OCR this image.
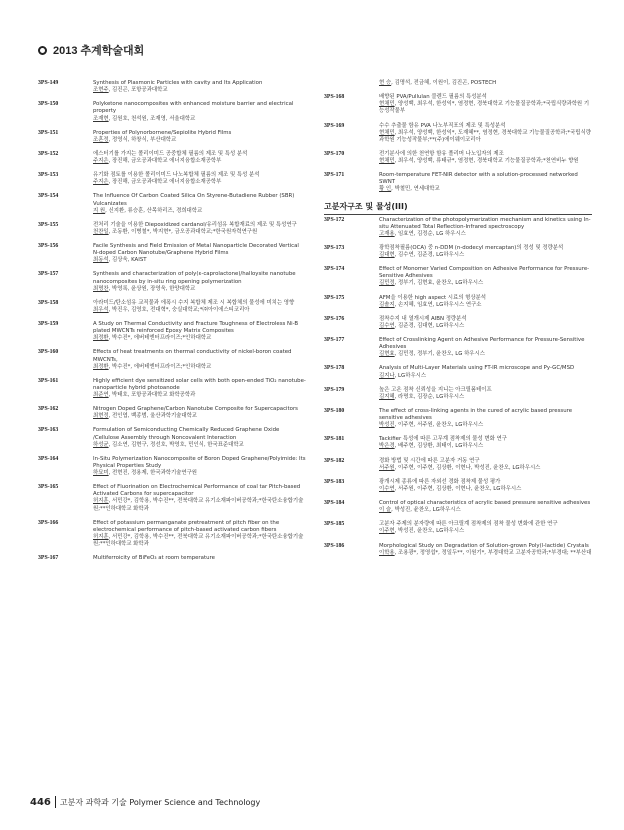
2013 추계학술대회
3PS-149	Synthesis of Plasmonic Particles with cavity and Its Application
조현주, 김진곤, 포항공과대학교
3PS-150	Polyketone nanocomposites with enhanced moisture barrier and electrical property
조재현, 김원호, 천석원, 조재영, 서울대학교
3PS-151	Properties of Polynorbornene/Sepiolite Hybrid Films
조혼정, 정영식, 하창식, 부산대학교
3PS-152	에스터기를 가지는 폴리이미드 공중합체 필름의 제조 및 특성 분석
주지은, 장진해, 금오공과대학교 에너지융합소재공학부
3PS-153	유기화 점토를 이용한 폴리이미드 나노복합체 필름의 제조 및 특성 분석
주지은, 장진해, 금오공과대학교 에너지융합소재공학부
3PS-154	The Influence Of Carbon Coated Silica On Styrene-Butadiene Rubber (SBR) Vulcanizates
지 원, 신지환, 류승훈, 산목하리즈, 경희대학교
3PS-155	전처리 기술을 이용한 Diepoxidized cardanol/유리섬유 복합재료의 제조 및 특성연구
천찬일, 조동환, 이병철*, 박지현*, 금오공과대학교;*한국원자력연구원
3PS-156	Facile Synthesis and Field Emission of Metal Nanoparticle Decorated Vertical N-doped Carbon Nanotube/Graphene Hybrid Films
최동석, 김상욱, KAIST
3PS-157	Synthesis and characterization of poly(ε-caprolactone)/halloysite nanotube nanocomposites by in-situ ring opening polymerization
최명찬, 박영록, 윤상원, 장영욱, 한양대학교
3PS-158	아라미드/탄소섬유 교직물과 에폭시 수지 복합체 제조 시 복합체의 물성에 미치는 영향
최우석, 박진우, 김영호, 전대혁*, 숭실대학교;*㈜아이에스티코리아
3PS-159	A Study on Thermal Conductivity and Fracture Toughness of Electroless Ni-B plated MWCNTs reinforced Epoxy Matrix Composites
최정환, 박수진*, 에버테엔터프라이즈;*인하대학교
3PS-160	Effects of heat treatments on thermal conductivity of nickel-boron coated MWCNTs,
최정환, 박수진*, 에버테엔터프라이즈;*인하대학교
3PS-161	Highly efficient dye sensitized solar cells with both open-ended TiO₂ nanotube-nanoparticle hybrid photoanode
최준연, 박태호, 포항공과대학교 화학공학과
3PS-162	Nitrogen Doped Graphene/Carbon Nanotube Composite for Supercapacitors
최현정, 전인엽, 백종범, 울산과학기술대학교
3PS-163	Formulation of Semiconducting Chemically Reduced Graphene Oxide /Cellulose Assembly through Noncovalent Interaction
하성균, 김소연, 김현구, 정선호, 박영호, 민인식, 한국표준대학교
3PS-164	In-Situ Polymerization Nanocomposite of Boron Doped Graphene/Polyimide: Its Physical Properties Study
하묘미, 전현진, 정용제, 한국과학기술연구원
3PS-165	Effect of Fluorination on Electrochemical Performance of coal tar Pitch-based Activated Carbons for supercapacitor
허지훈, 서민강*, 김학용, 박수진**, 전북대학교 유기소재파이버공학과;*한국탄소융합기술원;**인하대학교 화학과
3PS-166	Effect of potassium permanganate pretreatment of pitch fiber on the electrochemical performance of pitch-based activated carbon fibers
허지훈, 서민강*, 김학용, 박수진**, 전북대학교 유기소재파이버공학과;*한국탄소융합기술원;**인하대학교 화학과
3PS-167	Multiferroicity of BiFeO₃ at room temperature
현 승, 김명석, 전금혜, 이원이, 김진곤, POSTECH
3PS-168	배향된 PVA/Pullulan 블렌드 필름의 특성분석
현채민, 양성백, 최우석, 한성익*, 염정현, 경북대학교 기능물질공학과;*국립식량과학원 기능성작물부
3PS-169	수수 추출물 함유 PVA 나노부직포의 제조 및 특성분석
현채민, 최우석, 양성백, 한성익*, 도재혜**, 염정현, 경북대학교 기능물질공학과;*국립식량과학원 기능성작물부;**(주)에이웨이코리아
3PS-170	전기분사에 의한 천연항 함유 폴리머 나노입자의 제조
현채민, 최우석, 양성백, 류태규*, 염정현, 경북대학교 기능물질공학과;*천연비누 향원
3PS-171	Room-temperature FET-NIR detector with a solution-processed networked SWNT
황 인, 박철민, 연세대학교
고분자구조 및 물성(III)
3PS-172	Characterization of the photopolymerization mechanism and kinetics using In-situ Attenuated Total Reflection-Infrared spectroscopy
고재용, 임효연, 김정순, LG 하우시스
3PS-173	광학점착필름(OCA) 중 n-DDM (n-dodecyl mercaptan)의 정성 및 정량분석
김대현, 김수연, 김준경, LG하우시스
3PS-174	Effect of Monomer Varied Composition on Adhesive Performance for Pressure-Sensitive Adhesives
김민정, 정부기, 김현효, 윤찬오, LG하우시스
3PS-175	AFM을 이용한 high aspect 시료의 형상분석
김솔지, 손지혜, 임효연, LG하우시스 연구소
3PS-176	점착수지 내 열개시제 AIBN 정량분석
김수연, 김준경, 김대현, LG하우시스
3PS-177	Effect of Crosslinking Agent on Adhesive Performance for Pressure-Sensitive Adhesives
김현효, 김민정, 정부기, 윤찬오, LG 하우시스
3PS-178	Analysis of Multi-Layer Materials using FT-IR microscope and Py-GC/MSD
김지나, LG하우시스
3PS-179	높은 고온 점착 신뢰성을 지니는 아크릴폼테이프
김지혜, 라명호, 김장순, LG하우시스
3PS-180	The effect of cross-linking agents in the cured of acrylic based pressure sensitive adhesives
박성진, 이주현, 서주원, 윤찬오, LG하우시스
3PS-181	Tackifier 특성에 따른 고무계 점착제의 물성 변화 연구
박은경, 배주현, 김상환, 최태이, LG하우시스
3PS-182	경화 방법 및 시간에 따른 고분자 거동 연구
서주원, 이주현, 이주현, 김상환, 이현나, 박성진, 윤찬오, LG하우시스
3PS-183	광개시제 종류에 따른 자외선 경화 점착제 물성 평가
이수연, 서주원, 이주현, 김상환, 이현나, 윤찬오, LG하우시스
3PS-184	Control of optical characteristics of acrylic based pressure sensitive adhesives
이 슬, 박성진, 윤찬오, LG하우시스
3PS-185	고분자 주제의 분자량에 따른 아크릴계 점착제의 점착 물성 변화에 관한 연구
이주현, 박성진, 윤찬오, LG하우시스
3PS-186	Morphological Study on Degradation of Solution-grown Poly(l-lactide) Crystals
이학용, 조용광*, 정영섭*, 정일두**, 이원기*, 부경대학교 고분자공학과;*부경대; **부산대
446 고분자 과학과 기술 Polymer Science and Technology
